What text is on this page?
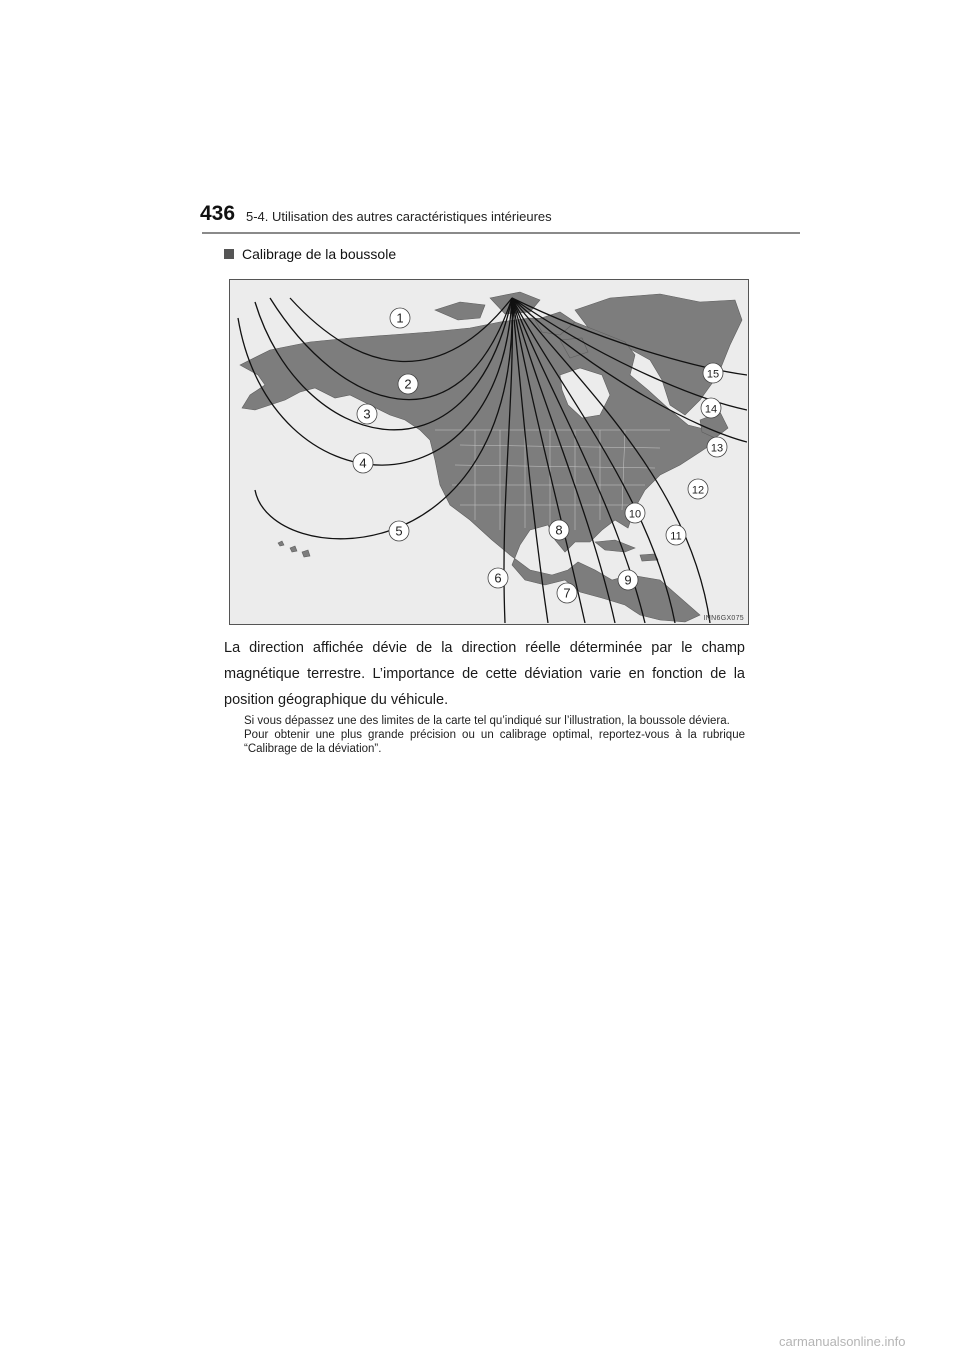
436 5-4. Utilisation des autres caractéristiques intérieures
Calibrage de la boussole
1
2
3
4
5
6
7
8
9
10
11
12
13
14
15
INN6GX075
La direction affichée dévie de la direction réelle déterminée par le champ magnétique terrestre. L’importance de cette déviation varie en fonction de la position géographique du véhicule.

Si vous dépassez une des limites de la carte tel qu’indiqué sur l’illustration, la boussole déviera.

Pour obtenir une plus grande précision ou un calibrage optimal, reportez-vous à la rubrique “Calibrage de la déviation”.

carmanualsonline.info
